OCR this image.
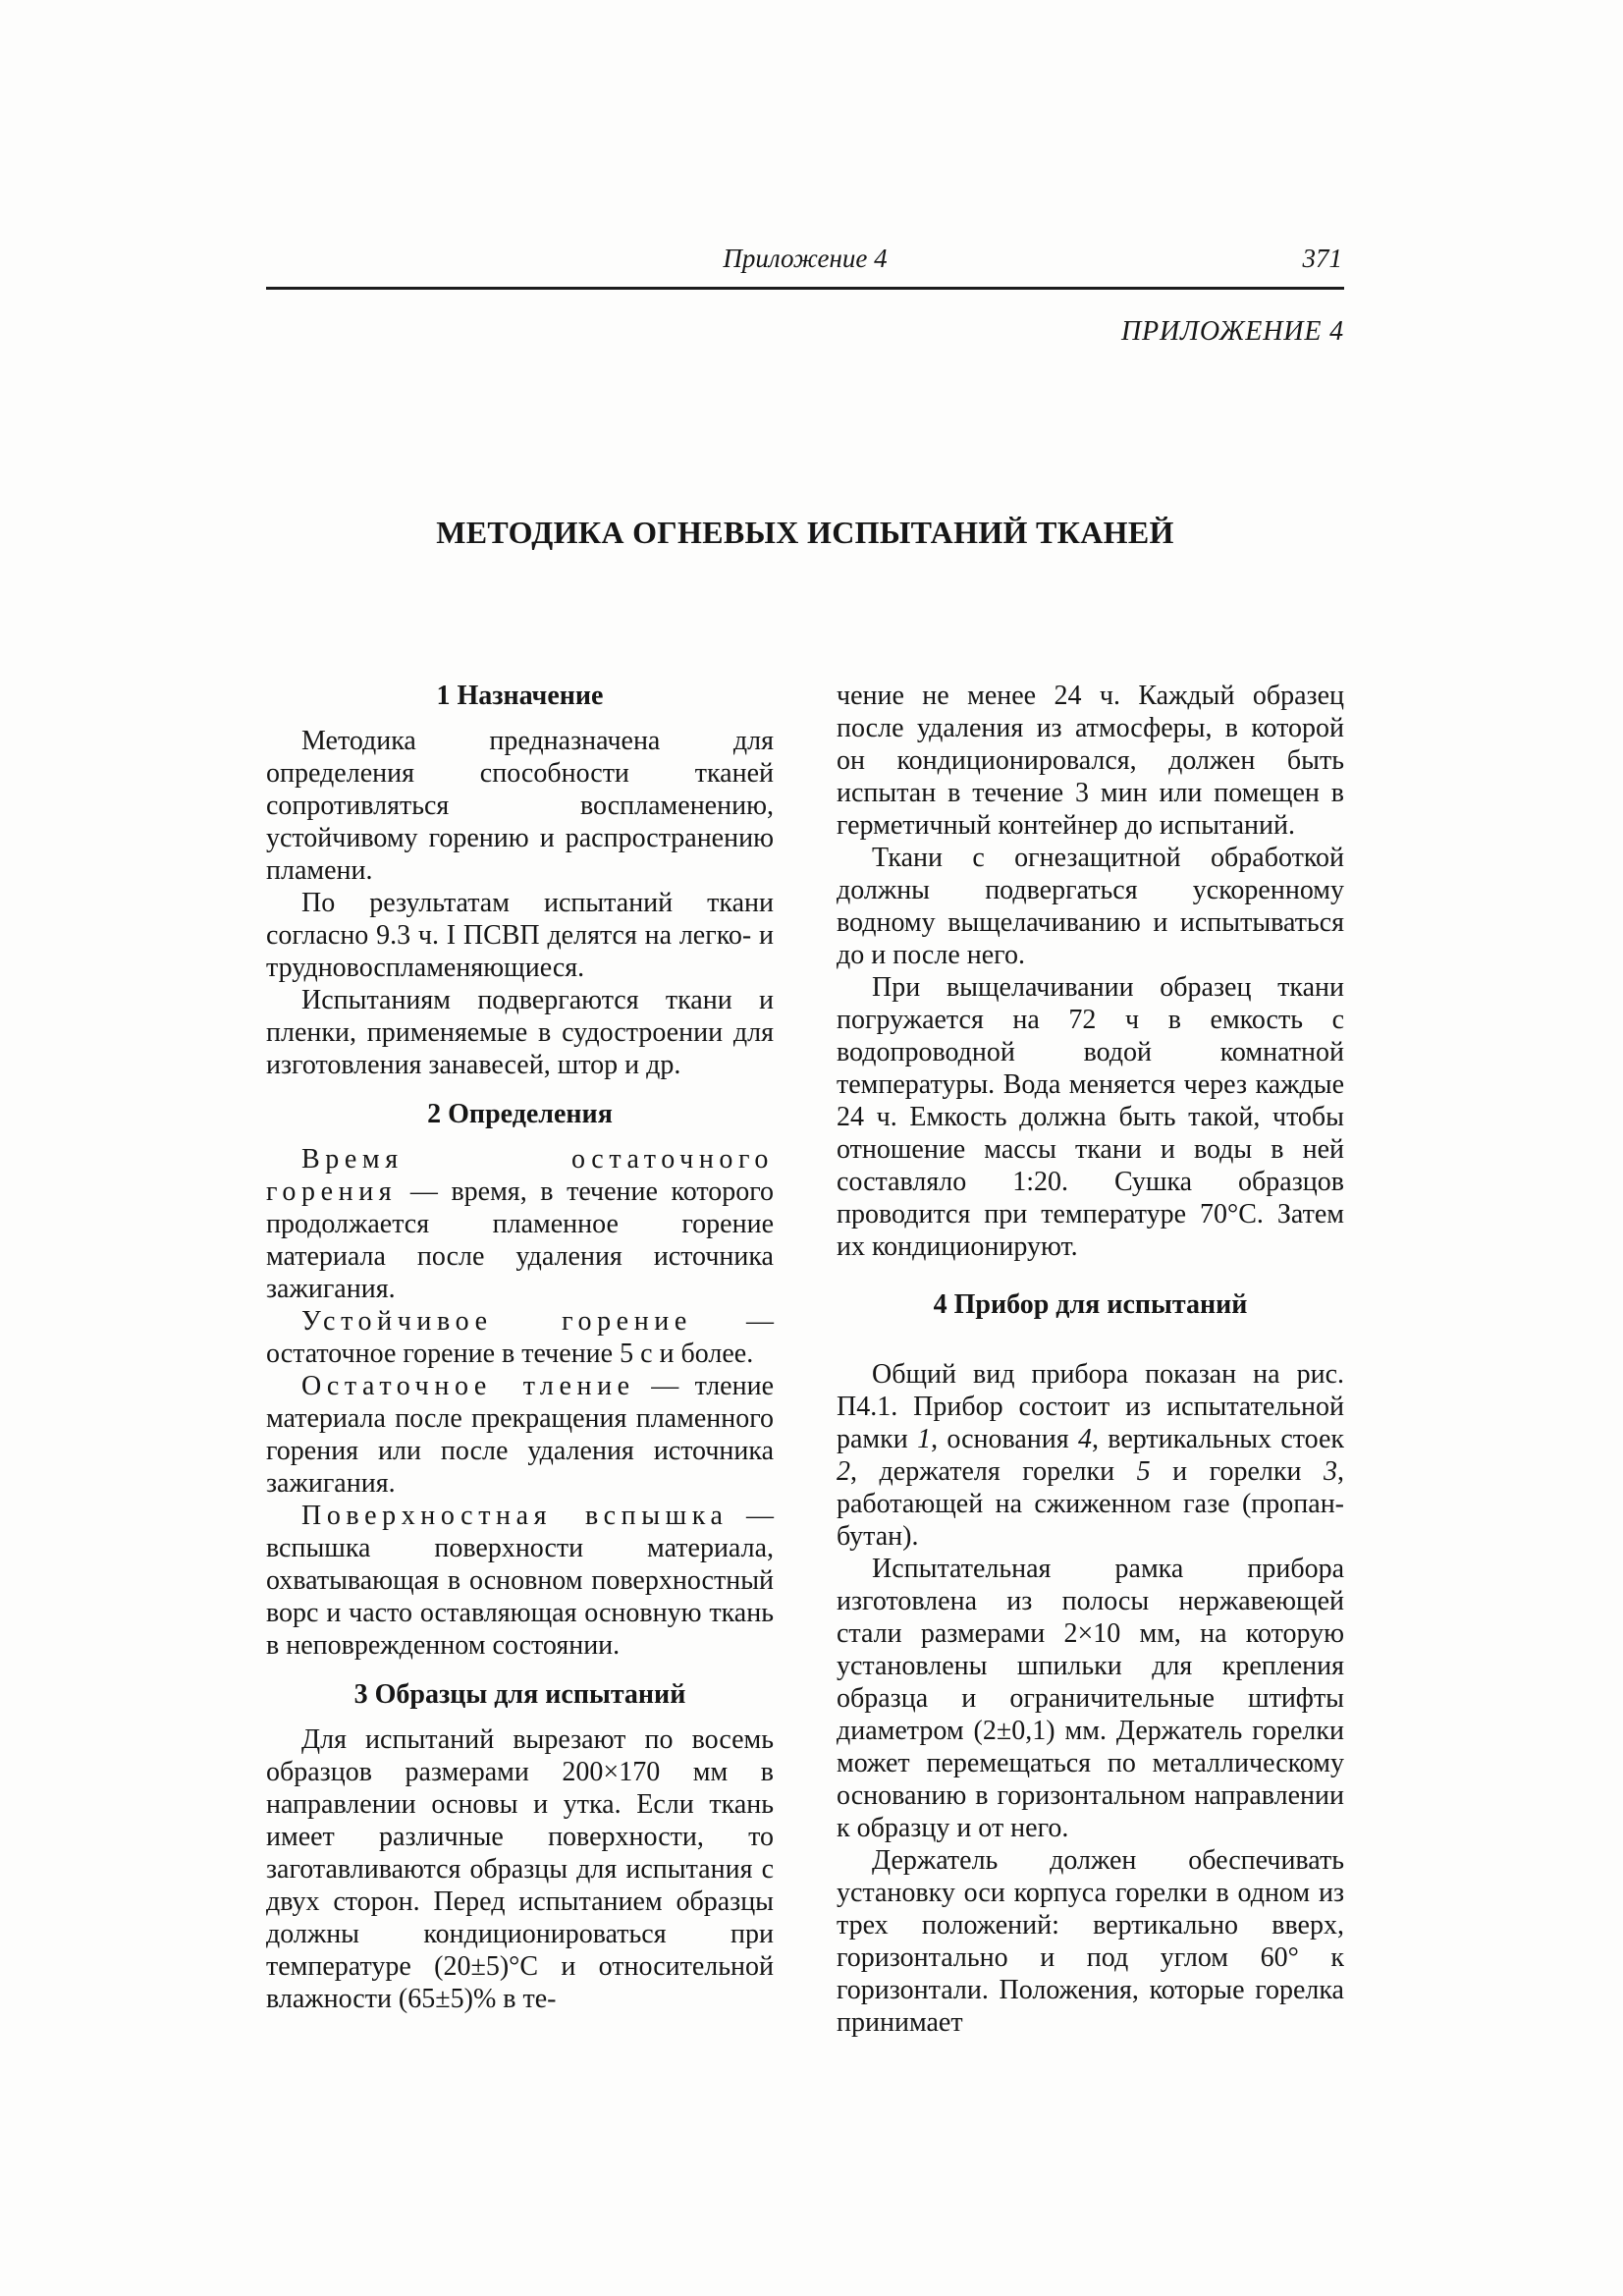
Приложение 4	371
ПРИЛОЖЕНИЕ 4
МЕТОДИКА ОГНЕВЫХ ИСПЫТАНИЙ ТКАНЕЙ
1 Назначение

Методика предназначена для определения способности тканей сопротивляться воспламенению, устойчивому горению и распространению пламени.

По результатам испытаний ткани согласно 9.3 ч. I ПСВП делятся на легко- и трудновоспламеняющиеся.

Испытаниям подвергаются ткани и пленки, применяемые в судостроении для изготовления занавесей, штор и др.

2 Определения

Время остаточного горения — время, в течение которого продолжается пламенное горение материала после удаления источника зажигания.

Устойчивое горение — остаточное горение в течение 5 с и более.

Остаточное тление — тление материала после прекращения пламенного горения или после удаления источника зажигания.

Поверхностная вспышка — вспышка поверхности материала, охватывающая в основном поверхностный ворс и часто оставляющая основную ткань в неповрежденном состоянии.

3 Образцы для испытаний

Для испытаний вырезают по восемь образцов размерами 200×170 мм в направлении основы и утка. Если ткань имеет различные поверхности, то заготавливаются образцы для испытания с двух сторон. Перед испытанием образцы должны кондиционироваться при температуре (20±5)°С и относительной влажности (65±5)% в те-

чение не менее 24 ч. Каждый образец после удаления из атмосферы, в которой он кондиционировался, должен быть испытан в течение 3 мин или помещен в герметичный контейнер до испытаний.

Ткани с огнезащитной обработкой должны подвергаться ускоренному водному выщелачиванию и испытываться до и после него.

При выщелачивании образец ткани погружается на 72 ч в емкость с водопроводной водой комнатной температуры. Вода меняется через каждые 24 ч. Емкость должна быть такой, чтобы отношение массы ткани и воды в ней составляло 1:20. Сушка образцов проводится при температуре 70°С. Затем их кондиционируют.

4 Прибор для испытаний

Общий вид прибора показан на рис. П4.1. Прибор состоит из испытательной рамки 1, основания 4, вертикальных стоек 2, держателя горелки 5 и горелки 3, работающей на сжиженном газе (пропан-бутан).

Испытательная рамка прибора изготовлена из полосы нержавеющей стали размерами 2×10 мм, на которую установлены шпильки для крепления образца и ограничительные штифты диаметром (2±0,1) мм. Держатель горелки может перемещаться по металлическому основанию в горизонтальном направлении к образцу и от него.

Держатель должен обеспечивать установку оси корпуса горелки в одном из трех положений: вертикально вверх, горизонтально и под углом 60° к горизонтали. Положения, которые горелка принимает
